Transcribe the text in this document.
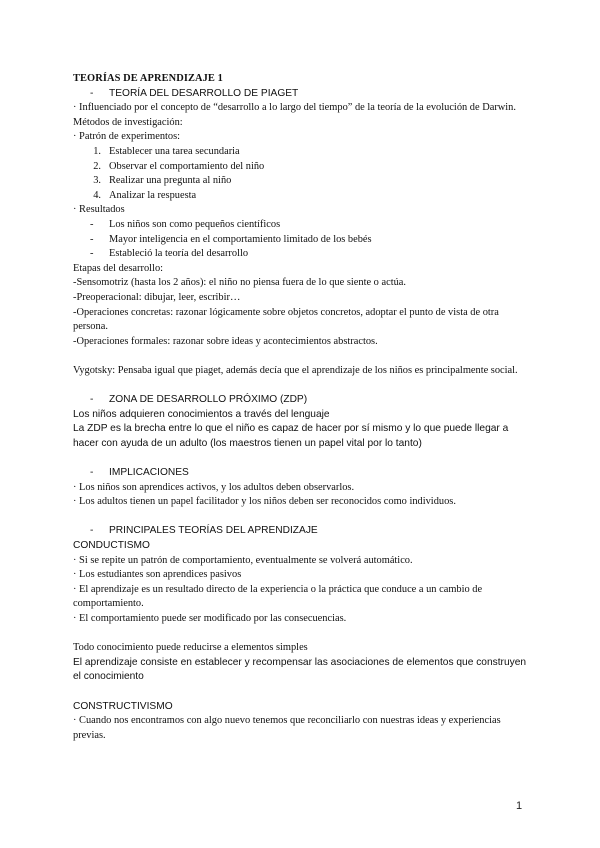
TEORÍAS DE APRENDIZAJE 1

- TEORÍA DEL DESARROLLO DE PIAGET

· Influenciado por el concepto de “desarrollo a lo largo del tiempo” de la teoría de la evolución de Darwin.

Métodos de investigación:

· Patrón de experimentos:

1. Establecer una tarea secundaria

2. Observar el comportamiento del niño

3. Realizar una pregunta al niño

4. Analizar la respuesta

· Resultados

- Los niños son como pequeños científicos

- Mayor inteligencia en el comportamiento limitado de los bebés

- Estableció la teoría del desarrollo

Etapas del desarrollo:

-Sensomotriz (hasta los 2 años): el niño no piensa fuera de lo que siente o actúa.

-Preoperacional: dibujar, leer, escribir…

-Operaciones concretas: razonar lógicamente sobre objetos concretos, adoptar el punto de vista de otra persona.

-Operaciones formales: razonar sobre ideas y acontecimientos abstractos.

Vygotsky: Pensaba igual que piaget, además decía que el aprendizaje de los niños es principalmente social.

- ZONA DE DESARROLLO PRÓXIMO (ZDP)

Los niños adquieren conocimientos a través del lenguaje

La ZDP es la brecha entre lo que el niño es capaz de hacer por sí mismo y lo que puede llegar a hacer con ayuda de un adulto (los maestros tienen un papel vital por lo tanto)

- IMPLICACIONES

· Los niños son aprendices activos, y los adultos deben observarlos.

· Los adultos tienen un papel facilitador y los niños deben ser reconocidos como individuos.

- PRINCIPALES TEORÍAS DEL APRENDIZAJE

CONDUCTISMO

· Si se repite un patrón de comportamiento, eventualmente se volverá automático.

· Los estudiantes son aprendices pasivos

· El aprendizaje es un resultado directo de la experiencia o la práctica que conduce a un cambio de comportamiento.

· El comportamiento puede ser modificado por las consecuencias.

Todo conocimiento puede reducirse a elementos simples

El aprendizaje consiste en establecer y recompensar las asociaciones de elementos que construyen el conocimiento

CONSTRUCTIVISMO

· Cuando nos encontramos con algo nuevo tenemos que reconciliarlo con nuestras ideas y experiencias previas.

1
